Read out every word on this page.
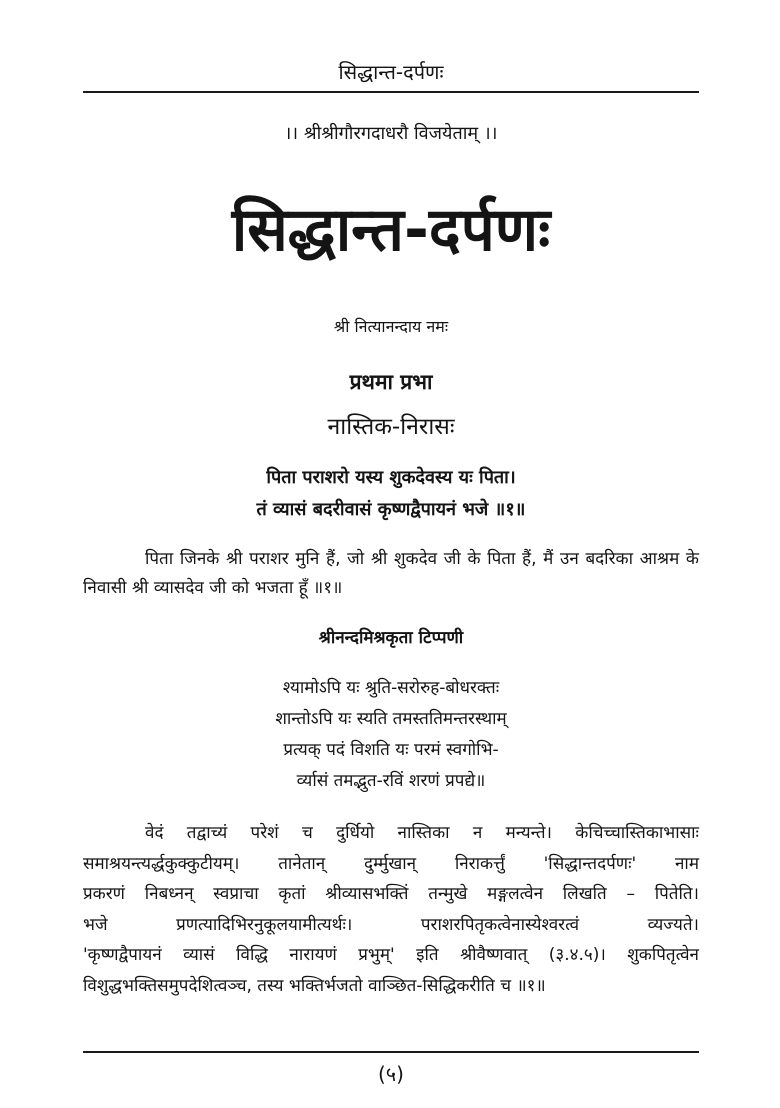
सिद्धान्त-दर्पणः
।। श्रीश्रीगौरगदाधरौ विजयेताम् ।।
सिद्धान्त-दर्पणः
श्री नित्यानन्दाय नमः
प्रथमा प्रभा
नास्तिक-निरासः
पिता पराशरो यस्य शुकदेवस्य यः पिता।
तं व्यासं बदरीवासं कृष्णद्वैपायनं भजे ॥१॥
पिता जिनके श्री पराशर मुनि हैं, जो श्री शुकदेव जी के पिता हैं, मैं उन बदरिका आश्रम के निवासी श्री व्यासदेव जी को भजता हूँ ॥१॥
श्रीनन्दमिश्रकृता टिप्पणी
श्यामोऽपि यः श्रुति-सरोरुह-बोधरक्तः
शान्तोऽपि यः स्यति तमस्ततिमन्तरस्थाम्
प्रत्यक् पदं विशति यः परमं स्वगोभि-
र्व्यासं तमद्भुत-रविं शरणं प्रपद्ये॥
वेदं तद्वाच्यं परेशं च दुर्धियो नास्तिका न मन्यन्ते। केचिच्चास्तिकाभासाः
समाश्रयन्त्यर्द्धकुक्कुटीयम्। तानेतान् दुर्म्मुखान् निराकर्त्तुं 'सिद्धान्तदर्पणः' नाम
प्रकरणं निबध्नन् स्वप्राचा कृतां श्रीव्यासभक्तिं तन्मुखे मङ्गलत्वेन लिखति – पितेति।
भजे प्रणत्यादिभिरनुकूलयामीत्यर्थः। पराशरपितृकत्वेनास्येश्वरत्वं व्यज्यते।
'कृष्णद्वैपायनं व्यासं विद्धि नारायणं प्रभुम्' इति श्रीवैष्णवात् (३.४.५)। शुकपितृत्वेन
विशुद्धभक्तिसमुपदेशित्वञ्च, तस्य भक्तिर्भजतो वाञ्छित-सिद्धिकरीति च ॥१॥
(५)
